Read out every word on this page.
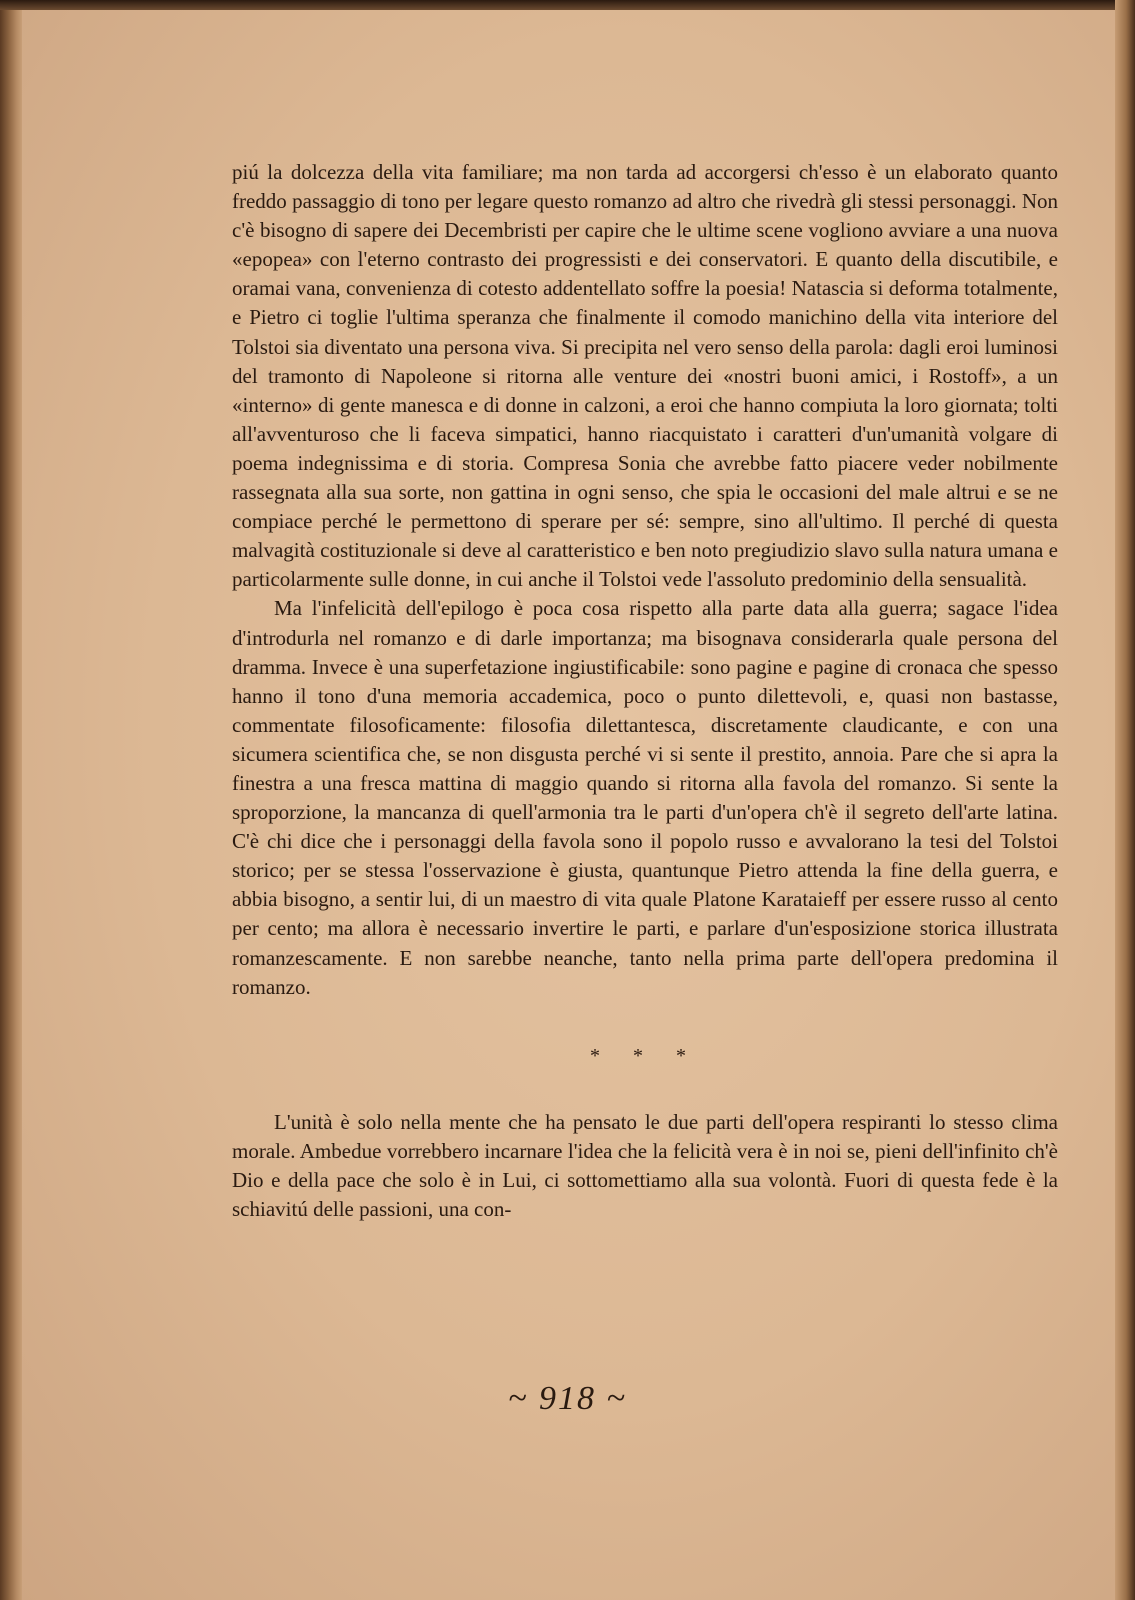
piú la dolcezza della vita familiare; ma non tarda ad accorgersi ch'esso è un elaborato quanto freddo passaggio di tono per legare questo romanzo ad altro che rivedrà gli stessi personaggi. Non c'è bisogno di sapere dei Decembristi per capire che le ultime scene vogliono avviare a una nuova «epopea» con l'eterno contrasto dei progressisti e dei conservatori. E quanto della discutibile, e oramai vana, convenienza di cotesto addentellato soffre la poesia! Natascia si deforma totalmente, e Pietro ci toglie l'ultima speranza che finalmente il comodo manichino della vita interiore del Tolstoi sia diventato una persona viva. Si precipita nel vero senso della parola: dagli eroi luminosi del tramonto di Napoleone si ritorna alle venture dei «nostri buoni amici, i Rostoff», a un «interno» di gente manesca e di donne in calzoni, a eroi che hanno compiuta la loro giornata; tolti all'avventuroso che li faceva simpatici, hanno riacquistato i caratteri d'un'umanità volgare di poema indegnissima e di storia. Compresa Sonia che avrebbe fatto piacere veder nobilmente rassegnata alla sua sorte, non gattina in ogni senso, che spia le occasioni del male altrui e se ne compiace perché le permettono di sperare per sé: sempre, sino all'ultimo. Il perché di questa malvagità costituzionale si deve al caratteristico e ben noto pregiudizio slavo sulla natura umana e particolarmente sulle donne, in cui anche il Tolstoi vede l'assoluto predominio della sensualità.

Ma l'infelicità dell'epilogo è poca cosa rispetto alla parte data alla guerra; sagace l'idea d'introdurla nel romanzo e di darle importanza; ma bisognava considerarla quale persona del dramma. Invece è una superfetazione ingiustificabile: sono pagine e pagine di cronaca che spesso hanno il tono d'una memoria accademica, poco o punto dilettevoli, e, quasi non bastasse, commentate filosoficamente: filosofia dilettantesca, discretamente claudicante, e con una sicumera scientifica che, se non disgusta perché vi si sente il prestito, annoia. Pare che si apra la finestra a una fresca mattina di maggio quando si ritorna alla favola del romanzo. Si sente la sproporzione, la mancanza di quell'armonia tra le parti d'un'opera ch'è il segreto dell'arte latina. C'è chi dice che i personaggi della favola sono il popolo russo e avvalorano la tesi del Tolstoi storico; per se stessa l'osservazione è giusta, quantunque Pietro attenda la fine della guerra, e abbia bisogno, a sentir lui, di un maestro di vita quale Platone Karataieff per essere russo al cento per cento; ma allora è necessario invertire le parti, e parlare d'un'esposizione storica illustrata romanzescamente. E non sarebbe neanche, tanto nella prima parte dell'opera predomina il romanzo.

* * *

L'unità è solo nella mente che ha pensato le due parti dell'opera respiranti lo stesso clima morale. Ambedue vorrebbero incarnare l'idea che la felicità vera è in noi se, pieni dell'infinito ch'è Dio e della pace che solo è in Lui, ci sottomettiamo alla sua volontà. Fuori di questa fede è la schiavitú delle passioni, una con-

~ 918 ~
